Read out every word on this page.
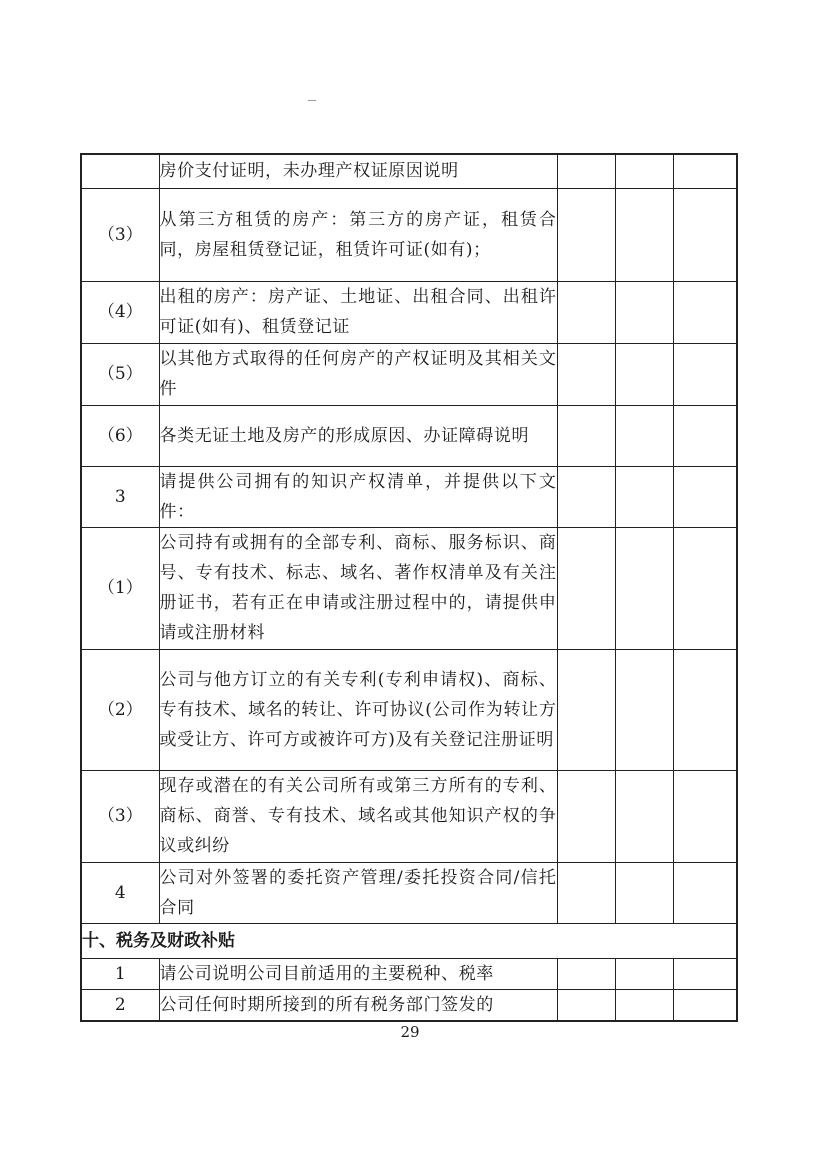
	房价支付证明，未办理产权证原因说明			
（3）	从第三方租赁的房产：第三方的房产证，租赁合同，房屋租赁登记证，租赁许可证(如有)；			
（4）	出租的房产：房产证、土地证、出租合同、出租许可证(如有)、租赁登记证			
（5）	以其他方式取得的任何房产的产权证明及其相关文件			
（6）	各类无证土地及房产的形成原因、办证障碍说明			
3	请提供公司拥有的知识产权清单，并提供以下文件：			
（1）	公司持有或拥有的全部专利、商标、服务标识、商号、专有技术、标志、域名、著作权清单及有关注册证书，若有正在申请或注册过程中的，请提供申请或注册材料			
（2）	公司与他方订立的有关专利(专利申请权)、商标、专有技术、域名的转让、许可协议(公司作为转让方或受让方、许可方或被许可方)及有关登记注册证明			
（3）	现存或潜在的有关公司所有或第三方所有的专利、商标、商誉、专有技术、域名或其他知识产权的争议或纠纷			
4	公司对外签署的委托资产管理/委托投资合同/信托合同			
十、税务及财政补贴				
1	请公司说明公司目前适用的主要税种、税率			
2	公司任何时期所接到的所有税务部门签发的			
29
